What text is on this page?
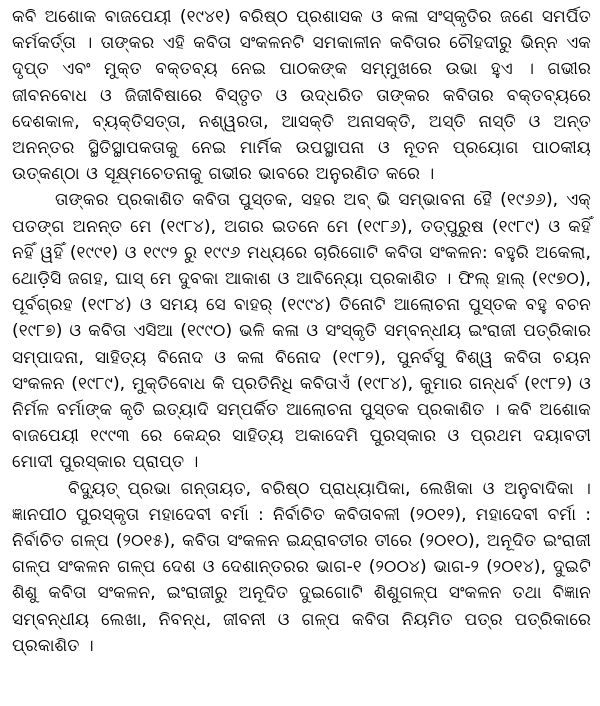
କବି ଅଶୋକ ବାଜପେୟୀ (୧୯୪୧) ବରିଷ୍ଠ ପ୍ରଶାସକ ଓ କଳା ସଂସ୍କୃତିର ଜଣେ ସମର୍ପିତ କର୍ମକର୍ତ୍ତା । ତାଙ୍କର ଏହି କବିତା ସଂକଳନଟି ସମକାଳୀନ କବିତାର ଚୌହଦୀରୁ ଭିନ୍ନ ଏକ ଦୃପ୍ତ ଏବଂ ମୁକ୍ତ ବକ୍ତବ୍ୟ ନେଇ ପାଠକଙ୍କ ସମ୍ମୁଖରେ ଉଭା ହୁଏ । ଗଭୀର ଜୀବନବୋଧ ଓ ଜିଜୀବିଷାରେ ବିସ୍ତୃତ ଓ ଉଦ୍ଧରିତ ତାଙ୍କର କବିତାର ବକ୍ତବ୍ୟରେ ଦେଶକାଳ, ବ୍ୟକ୍ତିସତ୍ତା, ନଶ୍ୱରତା, ଆସକ୍ତି ଅନାସକ୍ତି, ଅସ୍ତି ନାସ୍ତି ଓ ଅନ୍ତ ଅନନ୍ତର ସ୍ଥିତିସ୍ଥାପକତାକୁ ନେଇ ମାର୍ମିକ ଉପସ୍ଥାପନା ଓ ନୂତନ ପ୍ରୟୋଗ ପାଠକୀୟ ଉତ୍କଣ୍ଠା ଓ ସୂକ୍ଷ୍ମଚେତନାକୁ ଗଭୀର ଭାବରେ ଅନୁରଣିତ କରେ ।

ତାଙ୍କର ପ୍ରକାଶିତ କବିତା ପୁସ୍ତକ, ସହର ଅବ୍ ଭି ସମ୍ଭାବନା ହୈ (୧୯୬୬), ଏକ୍ ପତଙ୍ଗ ଅନନ୍ତ ମେ (୧୯୮୪), ଅଗର ଇତନେ ମେ (୧୯୮୬), ତତ୍ପୁରୁଷ (୧୯୮୯) ଓ କହିଁ ନହିଁ ୱହିଁ (୧୯୯୧) ଓ ୧୯୯୨ ରୁ ୧୯୯୬ ମଧ୍ୟରେ ଚାରିଗୋଟି କବିତା ସଂକଳନ: ବହୁରି ଅକେଲା, ଥୋଡ଼ିସି ଜଗହ, ଘାସ୍ ମେ ଦୁବକା ଆକାଶ ଓ ଆବିନ୍ୟୋ ପ୍ରକାଶିତ । ଫିଲ୍ ହାଲ୍ (୧୯୭୦), ପୂର୍ବଗ୍ରହ (୧୯୮୪) ଓ ସମୟ ସେ ବାହର୍ (୧୯୯୪) ତିନୋଟି ଆଲୋଚନା ପୁସ୍ତକ ବହୁ ବଚନ (୧୯୮୭) ଓ କବିତା ଏସିଆ (୧୯୯୦) ଭଳି କଳା ଓ ସଂସ୍କୃତି ସମ୍ବନ୍ଧୀୟ ଇଂରାଜୀ ପତ୍ରିକାର ସମ୍ପାଦନା, ସାହିତ୍ୟ ବିନୋଦ ଓ କଳା ବିନୋଦ (୧୯୮୨), ପୁନର୍ବସୁ ବିଶ୍ୱ କବିତା ଚୟନ ସଂକଳନ (୧୯୮୯), ମୁକ୍ତିବୋଧ କି ପ୍ରତିନିଧି କବିତାଏଁ (୧୯୮୪), କୁମାର ଗନ୍ଧର୍ବ (୧୯୮୨) ଓ ନିର୍ମଳ ବର୍ମାଙ୍କ କୃତି ଇତ୍ୟାଦି ସମ୍ପର୍କିତ ଆଲୋଚନା ପୁସ୍ତକ ପ୍ରକାଶିତ । କବି ଅଶୋକ ବାଜପେୟୀ ୧୯୯୩ ରେ କେନ୍ଦ୍ର ସାହିତ୍ୟ ଅକାଦେମି ପୁରସ୍କାର ଓ ପ୍ରଥମ ଦୟାବତୀ ମୋଦୀ ପୁରସ୍କାର ପ୍ରାପ୍ତ ।

ବିଦ୍ୟୁତ୍ ପ୍ରଭା ଗନ୍ତାୟତ, ବରିଷ୍ଠ ପ୍ରାଧ୍ୟାପିକା, ଲେଖିକା ଓ ଅନୁବାଦିକା । ଜ୍ଞାନପୀଠ ପୁରସ୍କୃତା ମହାଦେବୀ ବର୍ମା : ନିର୍ବାଚିତ କବିତାବଳୀ (୨୦୧୨), ମହାଦେବୀ ବର୍ମା : ନିର୍ବାଚିତ ଗଳ୍ପ (୨୦୧୫), କବିତା ସଂକଳନ ଇନ୍ଦ୍ରାବତୀର ତୀରେ (୨୦୧୦), ଅନୂଦିତ ଇଂରାଜୀ ଗଳ୍ପ ସଂକଳନ ଗଳ୍ପ ଦେଶ ଓ ଦେଶାନ୍ତରର ଭାଗ-୧ (୨୦୦୪) ଭାଗ-୨ (୨୦୧୪), ଦୁଇଟି ଶିଶୁ କବିତା ସଂକଳନ, ଇଂରାଜୀରୁ ଅନୂଦିତ ଦୁଇଗୋଟି ଶିଶୁଗଳ୍ପ ସଂକଳନ ତଥା ବିଜ୍ଞାନ ସମ୍ବନ୍ଧୀୟ ଲେଖା, ନିବନ୍ଧ, ଜୀବନୀ ଓ ଗଳ୍ପ କବିତା ନିୟମିତ ପତ୍ର ପତ୍ରିକାରେ ପ୍ରକାଶିତ ।
